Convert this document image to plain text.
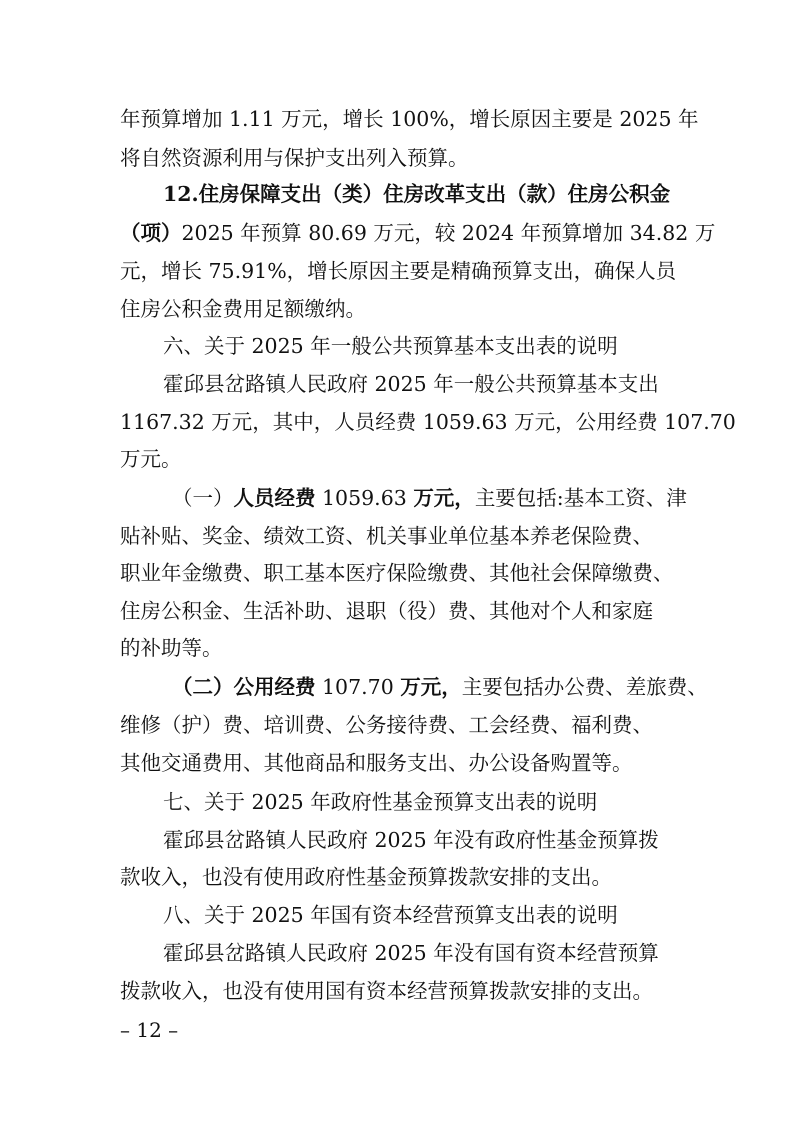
年预算增加 1.11 万元，增长 100%，增长原因主要是 2025 年
将自然资源利用与保护支出列入预算。
12.住房保障支出（类）住房改革支出（款）住房公积金
（项）2025 年预算 80.69 万元，较 2024 年预算增加 34.82 万
元，增长 75.91%，增长原因主要是精确预算支出，确保人员
住房公积金费用足额缴纳。
六、关于 2025 年一般公共预算基本支出表的说明
霍邱县岔路镇人民政府 2025 年一般公共预算基本支出
1167.32 万元，其中，人员经费 1059.63 万元，公用经费 107.70
万元。
（一）人员经费 1059.63 万元，主要包括:基本工资、津
贴补贴、奖金、绩效工资、机关事业单位基本养老保险费、
职业年金缴费、职工基本医疗保险缴费、其他社会保障缴费、
住房公积金、生活补助、退职（役）费、其他对个人和家庭
的补助等。
（二）公用经费 107.70 万元，主要包括办公费、差旅费、
维修（护）费、培训费、公务接待费、工会经费、福利费、
其他交通费用、其他商品和服务支出、办公设备购置等。
七、关于 2025 年政府性基金预算支出表的说明
霍邱县岔路镇人民政府 2025 年没有政府性基金预算拨
款收入，也没有使用政府性基金预算拨款安排的支出。
八、关于 2025 年国有资本经营预算支出表的说明
霍邱县岔路镇人民政府 2025 年没有国有资本经营预算
拨款收入，也没有使用国有资本经营预算拨款安排的支出。
– 12 –
